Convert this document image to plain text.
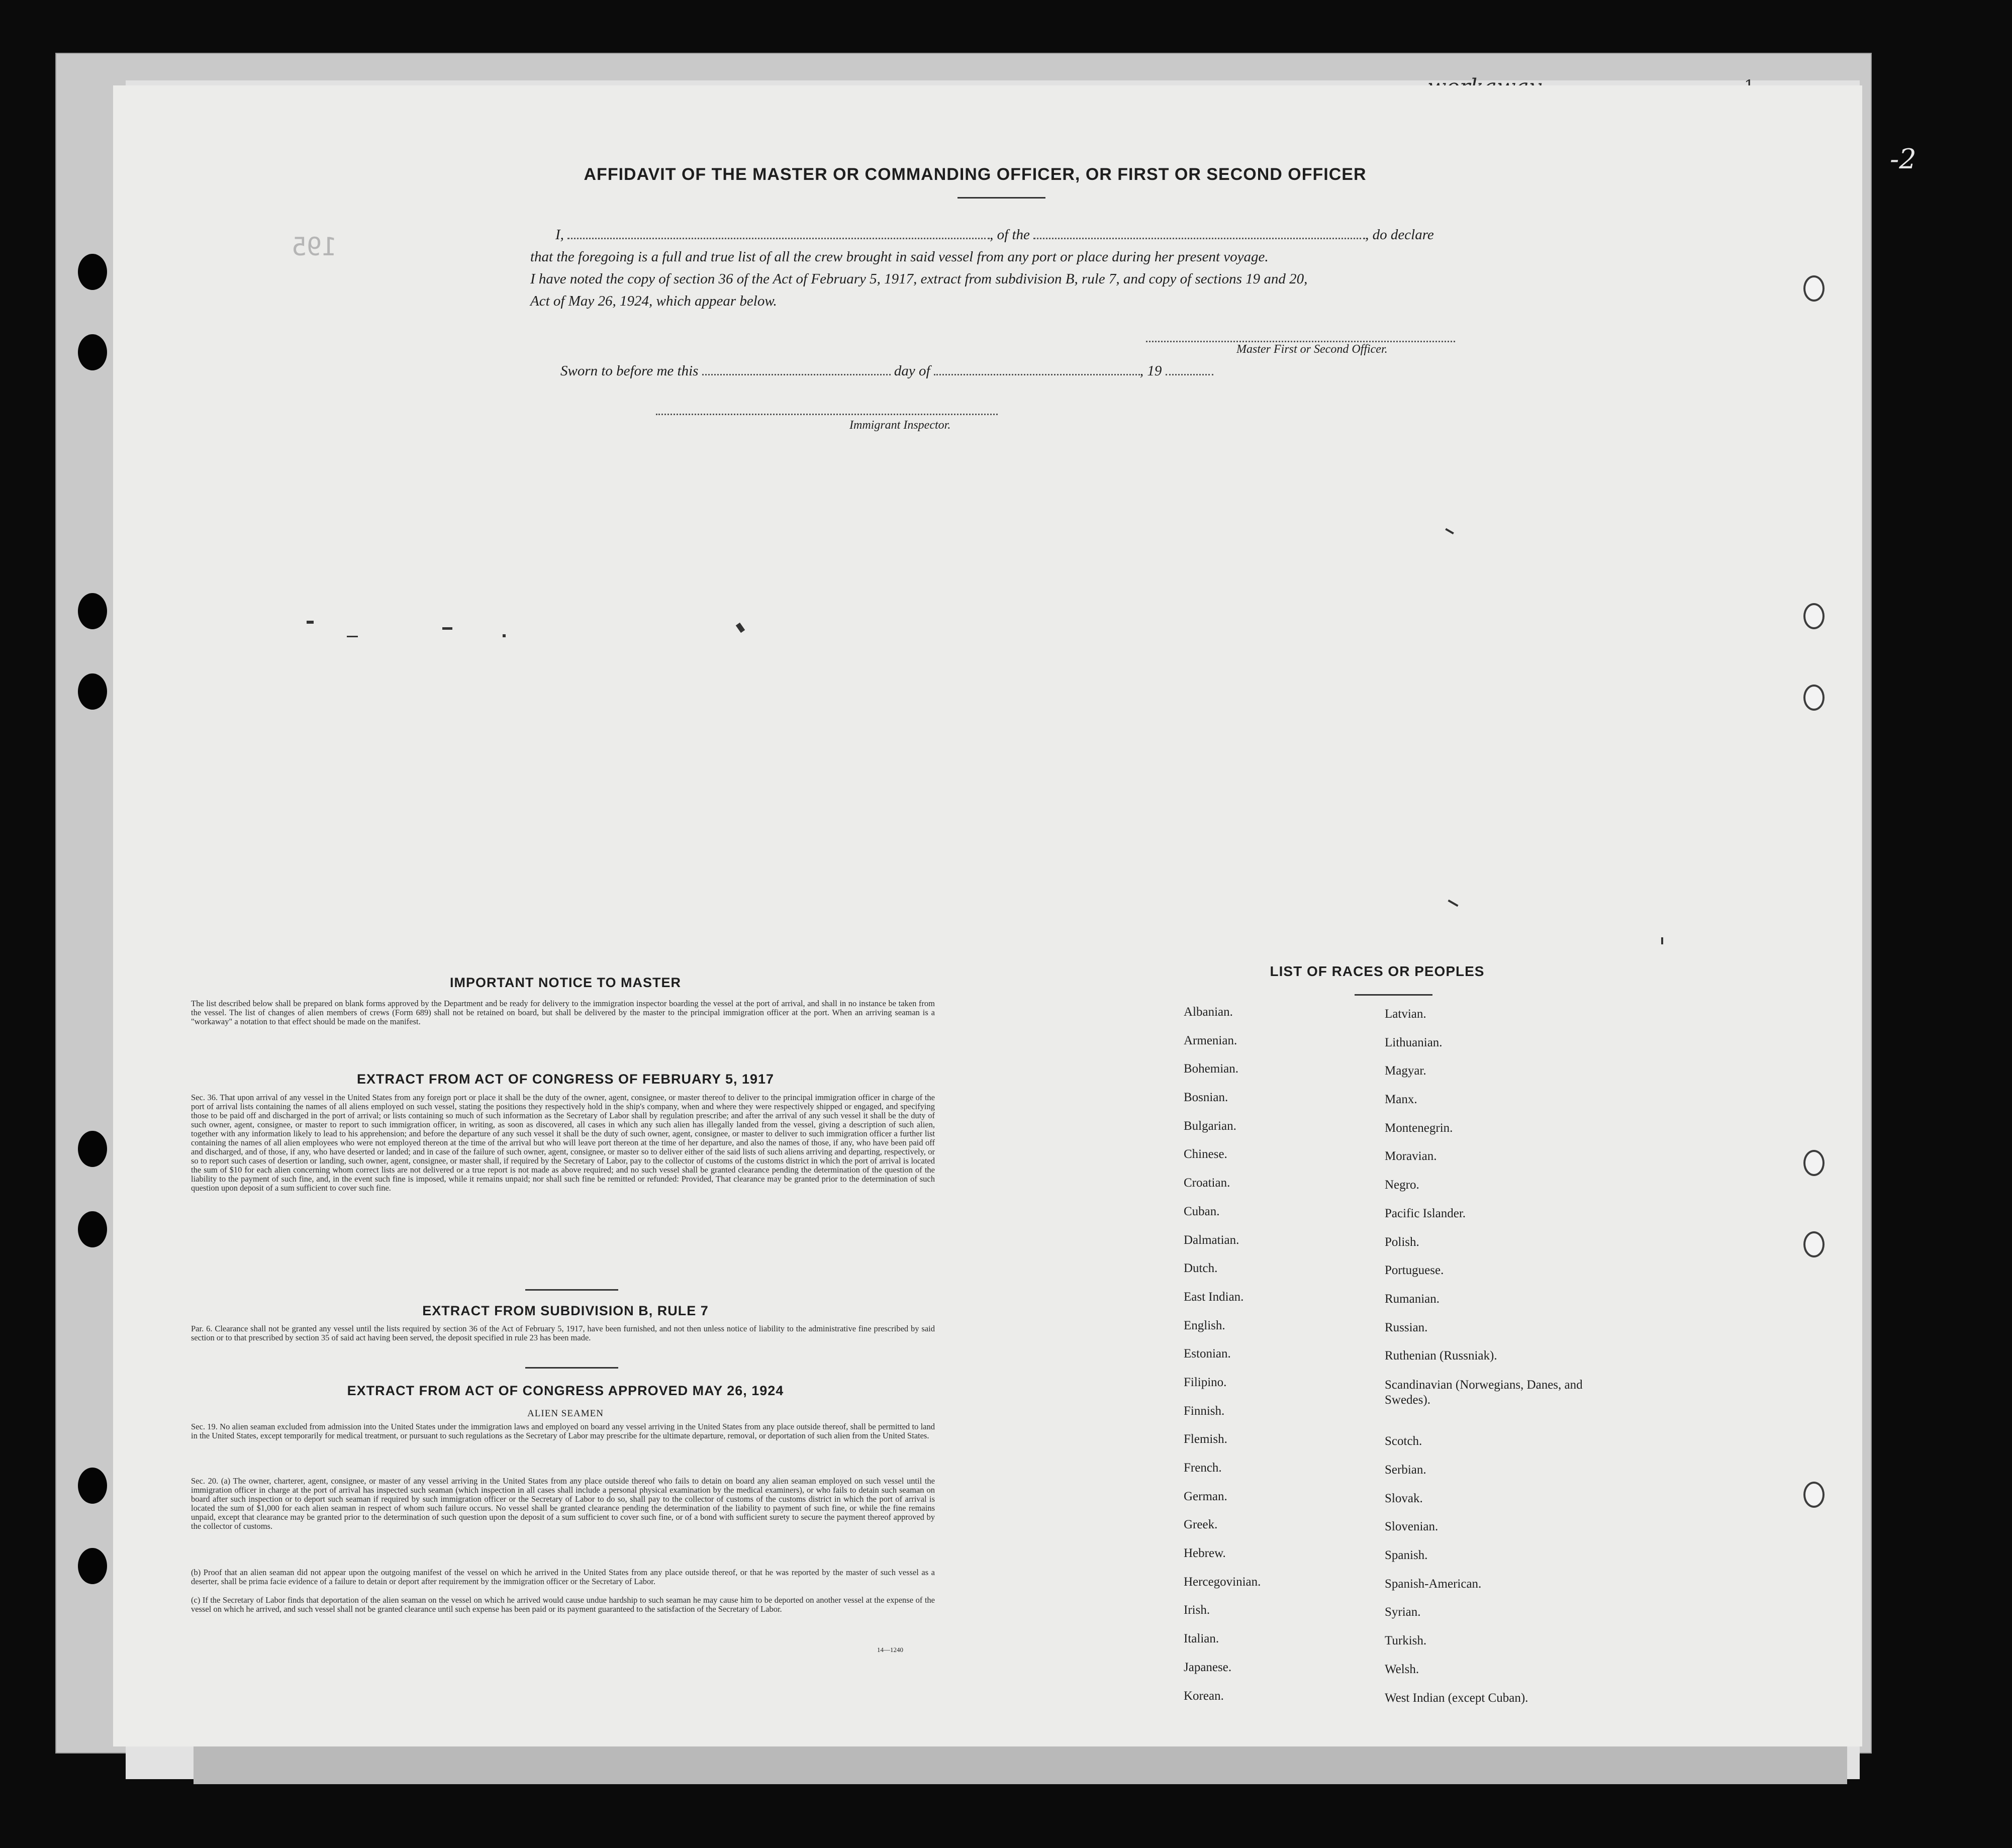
-2
195
AFFIDAVIT OF THE MASTER OR COMMANDING OFFICER, OR FIRST OR SECOND OFFICER
I,	, of the	, do declare
that the foregoing is a full and true list of all the crew brought in said vessel from any port or place during her present voyage.
I have noted the copy of section 36 of the Act of February 5, 1917, extract from subdivision B, rule 7, and copy of sections 19 and 20,
Act of May 26, 1924, which appear below.
Master First or Second Officer.
Sworn to before me this	day of	, 19
Immigrant Inspector.
IMPORTANT NOTICE TO MASTER
The list described below shall be prepared on blank forms approved by the Department and be ready for delivery to the immigration inspector boarding the vessel at the port of arrival, and shall in no instance be taken from the vessel. The list of changes of alien members of crews (Form 689) shall not be retained on board, but shall be delivered by the master to the principal immigration officer at the port. When an arriving seaman is a "workaway" a notation to that effect should be made on the manifest.
EXTRACT FROM ACT OF CONGRESS OF FEBRUARY 5, 1917
Sec. 36. That upon arrival of any vessel in the United States from any foreign port or place it shall be the duty of the owner, agent, consignee, or master thereof to deliver to the principal immigration officer in charge of the port of arrival lists containing the names of all aliens employed on such vessel, stating the positions they respectively hold in the ship's company, when and where they were respectively shipped or engaged, and specifying those to be paid off and discharged in the port of arrival; or lists containing so much of such information as the Secretary of Labor shall by regulation prescribe; and after the arrival of any such vessel it shall be the duty of such owner, agent, consignee, or master to report to such immigration officer, in writing, as soon as discovered, all cases in which any such alien has illegally landed from the vessel, giving a description of such alien, together with any information likely to lead to his apprehension; and before the departure of any such vessel it shall be the duty of such owner, agent, consignee, or master to deliver to such immigration officer a further list containing the names of all alien employees who were not employed thereon at the time of the arrival but who will leave port thereon at the time of her departure, and also the names of those, if any, who have been paid off and discharged, and of those, if any, who have deserted or landed; and in case of the failure of such owner, agent, consignee, or master so to deliver either of the said lists of such aliens arriving and departing, respectively, or so to report such cases of desertion or landing, such owner, agent, consignee, or master shall, if required by the Secretary of Labor, pay to the collector of customs of the customs district in which the port of arrival is located the sum of $10 for each alien concerning whom correct lists are not delivered or a true report is not made as above required; and no such vessel shall be granted clearance pending the determination of the question of the liability to the payment of such fine, and, in the event such fine is imposed, while it remains unpaid; nor shall such fine be remitted or refunded: Provided, That clearance may be granted prior to the determination of such question upon deposit of a sum sufficient to cover such fine.
EXTRACT FROM SUBDIVISION B, RULE 7
Par. 6. Clearance shall not be granted any vessel until the lists required by section 36 of the Act of February 5, 1917, have been furnished, and not then unless notice of liability to the administrative fine prescribed by said section or to that prescribed by section 35 of said act having been served, the deposit specified in rule 23 has been made.
EXTRACT FROM ACT OF CONGRESS APPROVED MAY 26, 1924
ALIEN SEAMEN
Sec. 19. No alien seaman excluded from admission into the United States under the immigration laws and employed on board any vessel arriving in the United States from any place outside thereof, shall be permitted to land in the United States, except temporarily for medical treatment, or pursuant to such regulations as the Secretary of Labor may prescribe for the ultimate departure, removal, or deportation of such alien from the United States.
Sec. 20. (a) The owner, charterer, agent, consignee, or master of any vessel arriving in the United States from any place outside thereof who fails to detain on board any alien seaman employed on such vessel until the immigration officer in charge at the port of arrival has inspected such seaman (which inspection in all cases shall include a personal physical examination by the medical examiners), or who fails to detain such seaman on board after such inspection or to deport such seaman if required by such immigration officer or the Secretary of Labor to do so, shall pay to the collector of customs of the customs district in which the port of arrival is located the sum of $1,000 for each alien seaman in respect of whom such failure occurs. No vessel shall be granted clearance pending the determination of the liability to payment of such fine, or while the fine remains unpaid, except that clearance may be granted prior to the determination of such question upon the deposit of a sum sufficient to cover such fine, or of a bond with sufficient surety to secure the payment thereof approved by the collector of customs.
(b) Proof that an alien seaman did not appear upon the outgoing manifest of the vessel on which he arrived in the United States from any place outside thereof, or that he was reported by the master of such vessel as a deserter, shall be prima facie evidence of a failure to detain or deport after requirement by the immigration officer or the Secretary of Labor.
(c) If the Secretary of Labor finds that deportation of the alien seaman on the vessel on which he arrived would cause undue hardship to such seaman he may cause him to be deported on another vessel at the expense of the vessel on which he arrived, and such vessel shall not be granted clearance until such expense has been paid or its payment guaranteed to the satisfaction of the Secretary of Labor.
14—1240
LIST OF RACES OR PEOPLES
Albanian.
Armenian.
Bohemian.
Bosnian.
Bulgarian.
Chinese.
Croatian.
Cuban.
Dalmatian.
Dutch.
East Indian.
English.
Estonian.
Filipino.
Finnish.
Flemish.
French.
German.
Greek.
Hebrew.
Hercegovinian.
Irish.
Italian.
Japanese.
Korean.
Latvian.
Lithuanian.
Magyar.
Manx.
Montenegrin.
Moravian.
Negro.
Pacific Islander.
Polish.
Portuguese.
Rumanian.
Russian.
Ruthenian (Russniak).
Scandinavian (Norwegians, Danes, and Swedes).
Scotch.
Serbian.
Slovak.
Slovenian.
Spanish.
Spanish-American.
Syrian.
Turkish.
Welsh.
West Indian (except Cuban).
